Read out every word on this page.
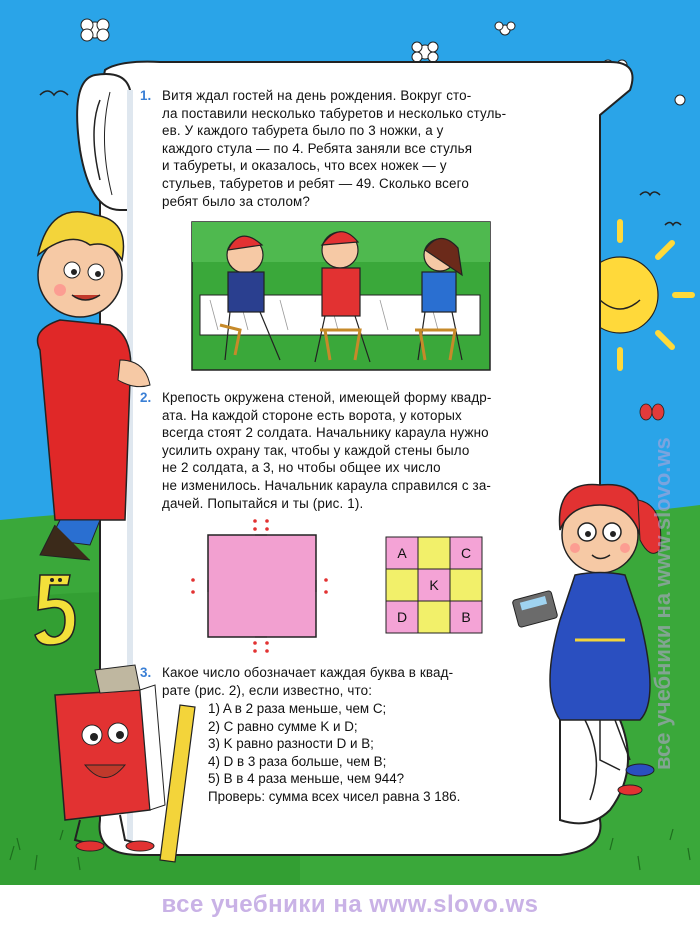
A	C
K
D	B
1. Витя ждал гостей на день рождения. Вокруг сто-
ла поставили несколько табуретов и несколько стуль-
ев. У каждого табурета было по 3 ножки, а у
каждого стула — по 4. Ребята заняли все стулья
и табуреты, и оказалось, что всех ножек — у
стульев, табуретов и ребят — 49. Сколько всего
ребят было за столом?
2. Крепость окружена стеной, имеющей форму квадр-
ата. На каждой стороне есть ворота, у которых
всегда стоят 2 солдата. Начальнику караула нужно
усилить охрану так, чтобы у каждой стены было
не 2 солдата, а 3, но чтобы общее их число
не изменилось. Начальник караула справился с за-
дачей. Попытайся и ты (рис. 1).
3. Какое число обозначает каждая буква в квад-
рате (рис. 2), если известно, что:
1) A в 2 раза меньше, чем C;
2) C равно сумме K и D;
3) K равно разности D и B;
4) D в 3 раза больше, чем B;
5) B в 4 раза меньше, чем 944?
Проверь: сумма всех чисел равна 3 186.
все учебники на www.slovo.ws
все учебники на www.slovo.ws
